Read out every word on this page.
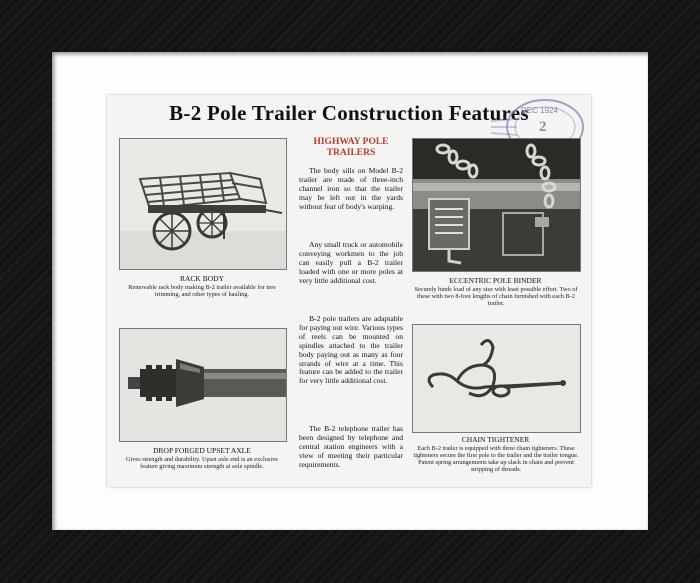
B-2 Pole Trailer Construction Features
DEC 1924
2
RACK BODY
Removable rack body making B-2 trailer available for tree trimming, and other types of hauling.
DROP FORGED UPSET AXLE
Gives strength and durability. Upset axle end is an exclusive feature giving maximum strength at axle spindle.
HIGHWAY POLE
TRAILERS
The body sills on Model B-2 trailer are made of three-inch channel iron so that the trailer may be left out in the yards without fear of body's warping.
Any small truck or automobile conveying workmen to the job can easily pull a B-2 trailer loaded with one or more poles at very little additional cost.
B-2 pole trailers are adaptable for paying out wire. Various types of reels can be mounted on spindles attached to the trailer body paying out as many as four strands of wire at a time. This feature can be added to the trailer for very little additional cost.
The B-2 telephone trailer has been designed by telephone and central station engineers with a view of meeting their particular requirements.
ECCENTRIC POLE BINDER
Securely binds load of any size with least possible effort. Two of these with two 8-foot lengths of chain furnished with each B-2 trailer.
CHAIN TIGHTENER
Each B-2 trailer is equipped with three chain tighteners. These tighteners secure the first pole to the trailer and the trailer tongue. Patent spring arrangements take up slack in chain and prevent stripping of threads.
